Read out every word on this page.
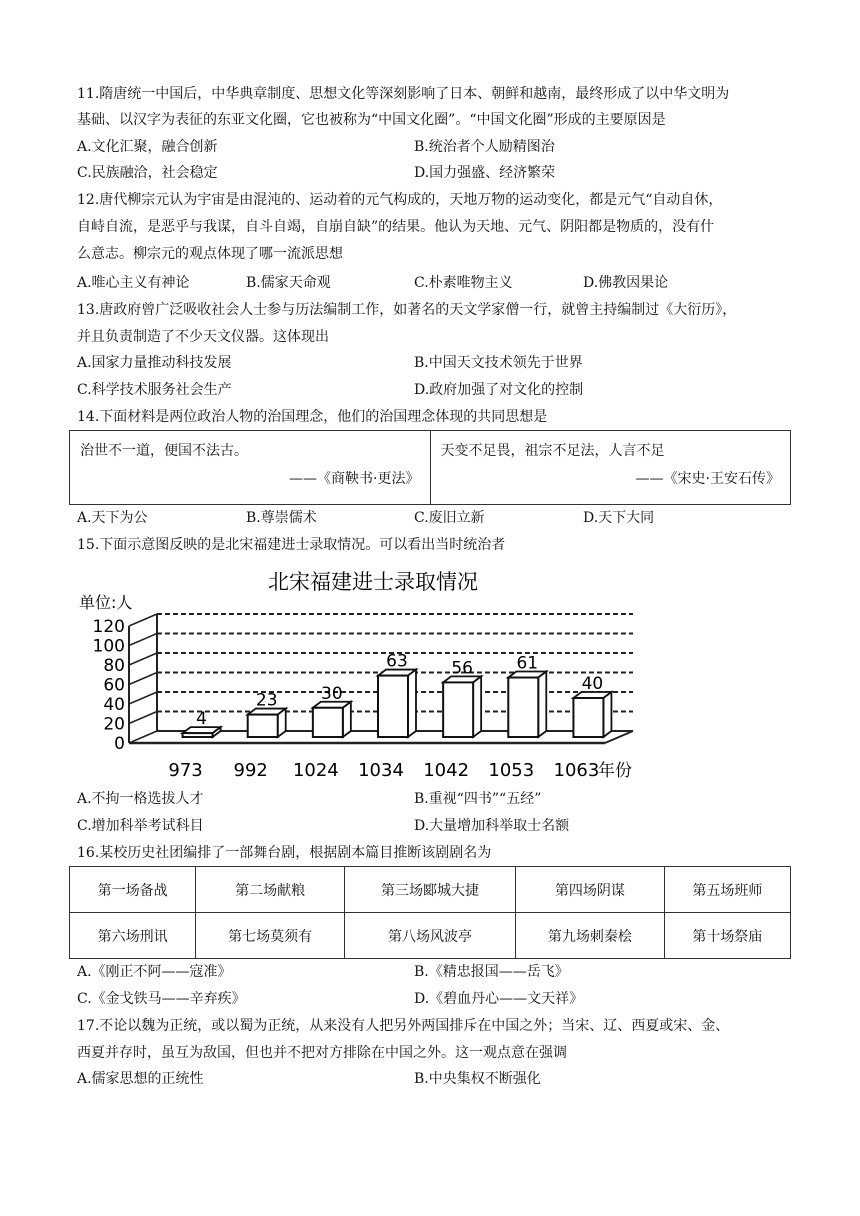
11.隋唐统一中国后，中华典章制度、思想文化等深刻影响了日本、朝鲜和越南，最终形成了以中华文明为
基础、以汉字为表征的东亚文化圈，它也被称为“中国文化圈”。“中国文化圈”形成的主要原因是
A.文化汇聚，融合创新	B.统治者个人励精图治
C.民族融洽，社会稳定	D.国力强盛、经济繁荣
12.唐代柳宗元认为宇宙是由混沌的、运动着的元气构成的，天地万物的运动变化，都是元气“自动自休，
自峙自流，是恶乎与我谋，自斗自竭，自崩自缺”的结果。他认为天地、元气、阴阳都是物质的，没有什
么意志。柳宗元的观点体现了哪一流派思想
A.唯心主义有神论	B.儒家天命观	C.朴素唯物主义	D.佛教因果论
13.唐政府曾广泛吸收社会人士参与历法编制工作，如著名的天文学家僧一行，就曾主持编制过《大衍历》，
并且负责制造了不少天文仪器。这体现出
A.国家力量推动科技发展	B.中国天文技术领先于世界
C.科学技术服务社会生产	D.政府加强了对文化的控制
14.下面材料是两位政治人物的治国理念，他们的治国理念体现的共同思想是
治世不一道，便国不法古。
——《商鞅书·更法》

天变不足畏，祖宗不足法，人言不足
——《宋史·王安石传》
A.天下为公	B.尊崇儒术	C.废旧立新	D.天下大同
15.下面示意图反映的是北宋福建进士录取情况。可以看出当时统治者
北宋福建进士录取情况
单位:人
0
20
40
60
80
100
120
4
23	30
63	56	61
40
973 992 1024 1034 1042 1053 1063
年份
A.不拘一格选拔人才	B.重视“四书”“五经”
C.增加科举考试科目	D.大量增加科举取士名额
16.某校历史社团编排了一部舞台剧，根据剧本篇目推断该剧剧名为
第一场备战	第二场献粮	第三场郾城大捷	第四场阴谋	第五场班师
第六场刑讯	第七场莫须有	第八场风波亭	第九场刺秦桧	第十场祭庙
A.《刚正不阿——寇准》	B.《精忠报国——岳飞》
C.《金戈铁马——辛弃疾》	D.《碧血丹心——文天祥》
17.不论以魏为正统，或以蜀为正统，从来没有人把另外两国排斥在中国之外；当宋、辽、西夏或宋、金、
西夏并存时，虽互为敌国，但也并不把对方排除在中国之外。这一观点意在强调
A.儒家思想的正统性	B.中央集权不断强化
